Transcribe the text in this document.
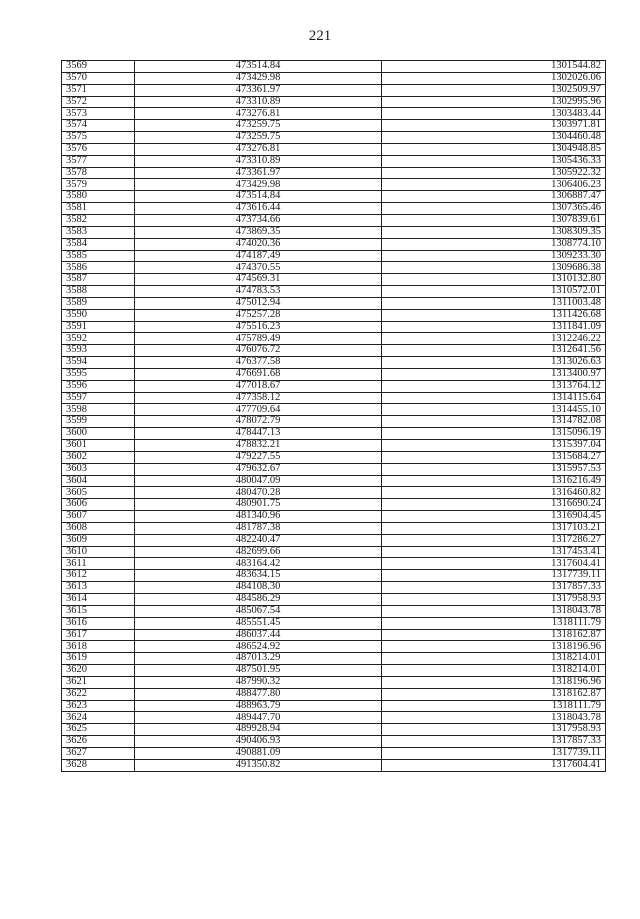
221
3569	473514.84	1301544.82
3570	473429.98	1302026.06
3571	473361.97	1302509.97
3572	473310.89	1302995.96
3573	473276.81	1303483.44
3574	473259.75	1303971.81
3575	473259.75	1304460.48
3576	473276.81	1304948.85
3577	473310.89	1305436.33
3578	473361.97	1305922.32
3579	473429.98	1306406.23
3580	473514.84	1306887.47
3581	473616.44	1307365.46
3582	473734.66	1307839.61
3583	473869.35	1308309.35
3584	474020.36	1308774.10
3585	474187.49	1309233.30
3586	474370.55	1309686.38
3587	474569.31	1310132.80
3588	474783.53	1310572.01
3589	475012.94	1311003.48
3590	475257.28	1311426.68
3591	475516.23	1311841.09
3592	475789.49	1312246.22
3593	476076.72	1312641.56
3594	476377.58	1313026.63
3595	476691.68	1313400.97
3596	477018.67	1313764.12
3597	477358.12	1314115.64
3598	477709.64	1314455.10
3599	478072.79	1314782.08
3600	478447.13	1315096.19
3601	478832.21	1315397.04
3602	479227.55	1315684.27
3603	479632.67	1315957.53
3604	480047.09	1316216.49
3605	480470.28	1316460.82
3606	480901.75	1316690.24
3607	481340.96	1316904.45
3608	481787.38	1317103.21
3609	482240.47	1317286.27
3610	482699.66	1317453.41
3611	483164.42	1317604.41
3612	483634.15	1317739.11
3613	484108.30	1317857.33
3614	484586.29	1317958.93
3615	485067.54	1318043.78
3616	485551.45	1318111.79
3617	486037.44	1318162.87
3618	486524.92	1318196.96
3619	487013.29	1318214.01
3620	487501.95	1318214.01
3621	487990.32	1318196.96
3622	488477.80	1318162.87
3623	488963.79	1318111.79
3624	489447.70	1318043.78
3625	489928.94	1317958.93
3626	490406.93	1317857.33
3627	490881.09	1317739.11
3628	491350.82	1317604.41
